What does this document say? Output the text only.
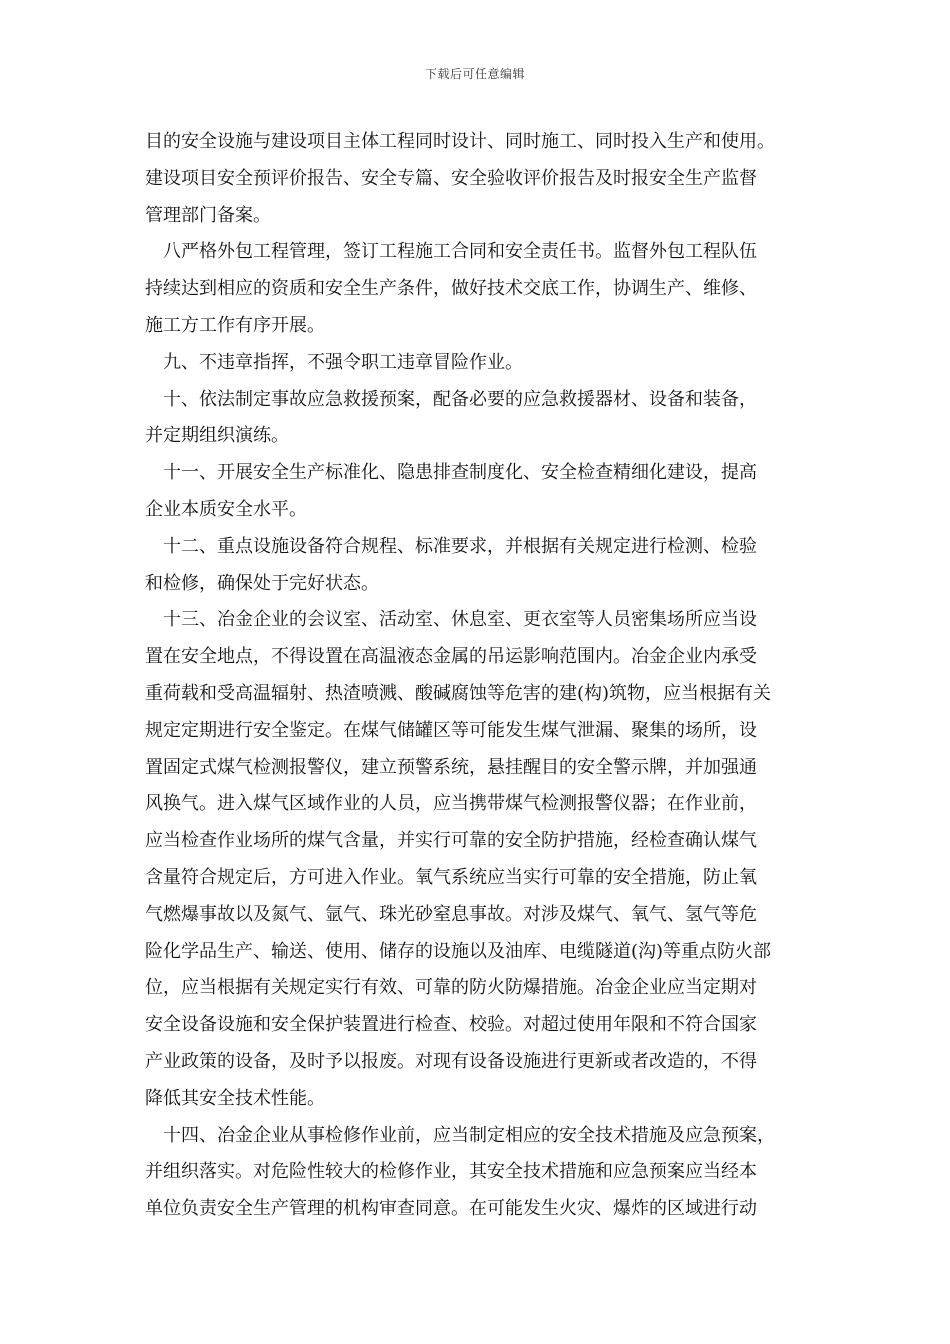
下载后可任意编辑
目的安全设施与建设项目主体工程同时设计、同时施工、同时投入生产和使用。
建设项目安全预评价报告、安全专篇、安全验收评价报告及时报安全生产监督
管理部门备案。
八严格外包工程管理，签订工程施工合同和安全责任书。监督外包工程队伍
持续达到相应的资质和安全生产条件，做好技术交底工作，协调生产、维修、
施工方工作有序开展。
九、不违章指挥，不强令职工违章冒险作业。
十、依法制定事故应急救援预案，配备必要的应急救援器材、设备和装备，
并定期组织演练。
十一、开展安全生产标准化、隐患排查制度化、安全检查精细化建设，提高
企业本质安全水平。
十二、重点设施设备符合规程、标准要求，并根据有关规定进行检测、检验
和检修，确保处于完好状态。
十三、冶金企业的会议室、活动室、休息室、更衣室等人员密集场所应当设
置在安全地点，不得设置在高温液态金属的吊运影响范围内。冶金企业内承受
重荷载和受高温辐射、热渣喷溅、酸碱腐蚀等危害的建(构)筑物，应当根据有关
规定定期进行安全鉴定。在煤气储罐区等可能发生煤气泄漏、聚集的场所，设
置固定式煤气检测报警仪，建立预警系统，悬挂醒目的安全警示牌，并加强通
风换气。进入煤气区域作业的人员，应当携带煤气检测报警仪器；在作业前，
应当检查作业场所的煤气含量，并实行可靠的安全防护措施，经检查确认煤气
含量符合规定后，方可进入作业。氧气系统应当实行可靠的安全措施，防止氧
气燃爆事故以及氮气、氩气、珠光砂窒息事故。对涉及煤气、氧气、氢气等危
险化学品生产、输送、使用、储存的设施以及油库、电缆隧道(沟)等重点防火部
位，应当根据有关规定实行有效、可靠的防火防爆措施。冶金企业应当定期对
安全设备设施和安全保护装置进行检查、校验。对超过使用年限和不符合国家
产业政策的设备，及时予以报废。对现有设备设施进行更新或者改造的，不得
降低其安全技术性能。
十四、冶金企业从事检修作业前，应当制定相应的安全技术措施及应急预案，
并组织落实。对危险性较大的检修作业，其安全技术措施和应急预案应当经本
单位负责安全生产管理的机构审查同意。在可能发生火灾、爆炸的区域进行动
